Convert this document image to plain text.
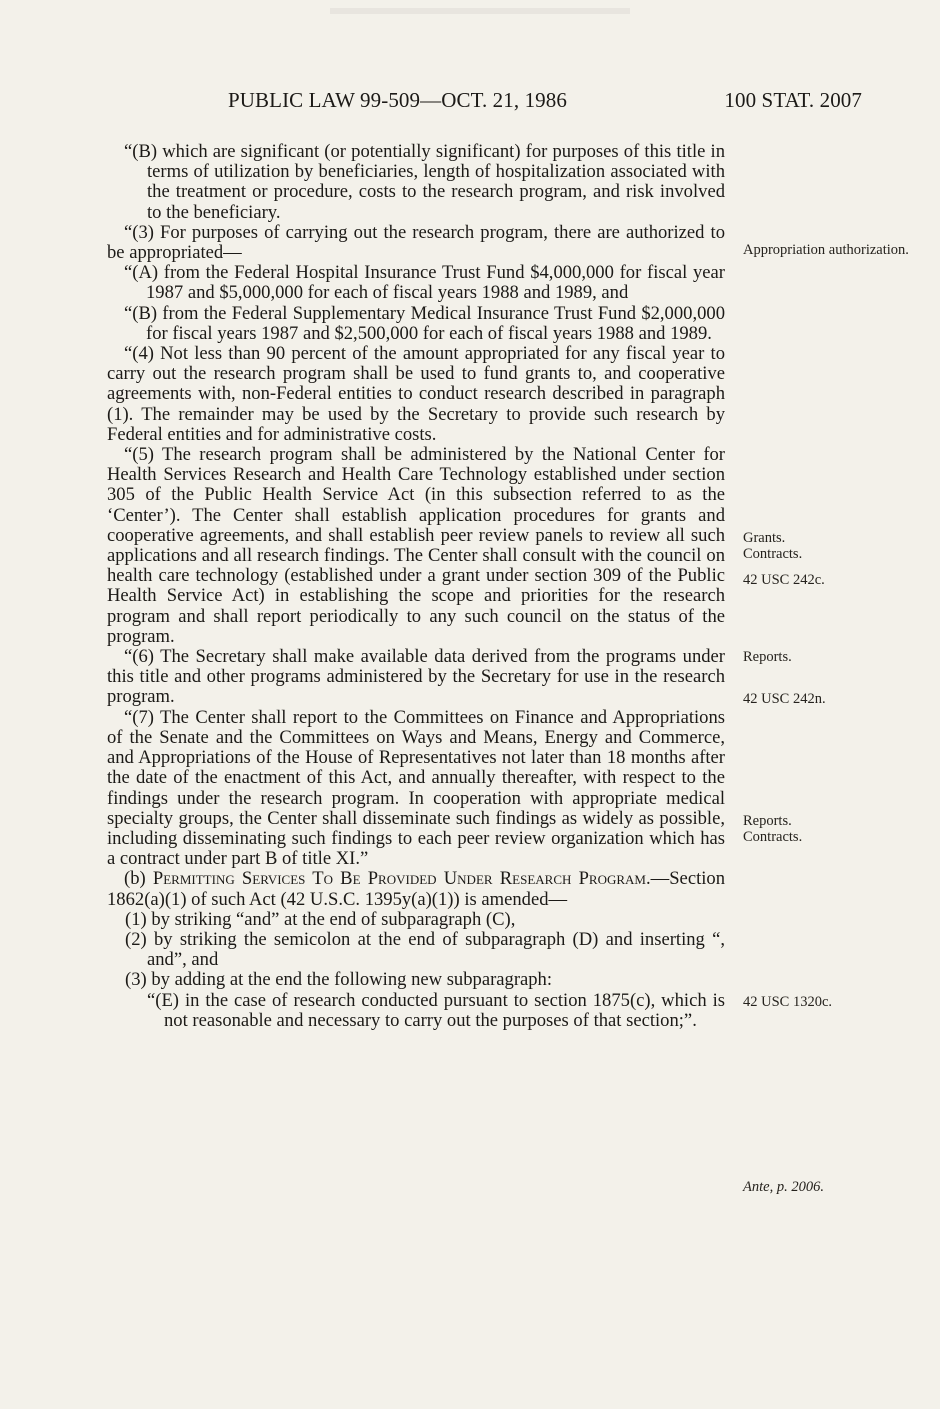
PUBLIC LAW 99-509—OCT. 21, 1986	100 STAT. 2007

“(B) which are significant (or potentially significant) for purposes of this title in terms of utilization by beneficiaries, length of hospitalization associated with the treatment or procedure, costs to the research program, and risk involved to the beneficiary.

“(3) For purposes of carrying out the research program, there are authorized to be appropriated—

“(A) from the Federal Hospital Insurance Trust Fund $4,000,000 for fiscal year 1987 and $5,000,000 for each of fiscal years 1988 and 1989, and

“(B) from the Federal Supplementary Medical Insurance Trust Fund $2,000,000 for fiscal years 1987 and $2,500,000 for each of fiscal years 1988 and 1989.

“(4) Not less than 90 percent of the amount appropriated for any fiscal year to carry out the research program shall be used to fund grants to, and cooperative agreements with, non-Federal entities to conduct research described in paragraph (1). The remainder may be used by the Secretary to provide such research by Federal entities and for administrative costs.

“(5) The research program shall be administered by the National Center for Health Services Research and Health Care Technology established under section 305 of the Public Health Service Act (in this subsection referred to as the ‘Center’). The Center shall establish application procedures for grants and cooperative agreements, and shall establish peer review panels to review all such applications and all research findings. The Center shall consult with the council on health care technology (established under a grant under section 309 of the Public Health Service Act) in establishing the scope and priorities for the research program and shall report periodically to any such council on the status of the program.

“(6) The Secretary shall make available data derived from the programs under this title and other programs administered by the Secretary for use in the research program.

“(7) The Center shall report to the Committees on Finance and Appropriations of the Senate and the Committees on Ways and Means, Energy and Commerce, and Appropriations of the House of Representatives not later than 18 months after the date of the enactment of this Act, and annually thereafter, with respect to the findings under the research program. In cooperation with appropriate medical specialty groups, the Center shall disseminate such findings as widely as possible, including disseminating such findings to each peer review organization which has a contract under part B of title XI.”

(b) Permitting Services To Be Provided Under Research Program.—Section 1862(a)(1) of such Act (42 U.S.C. 1395y(a)(1)) is amended—

(1) by striking “and” at the end of subparagraph (C),

(2) by striking the semicolon at the end of subparagraph (D) and inserting “, and”, and

(3) by adding at the end the following new subparagraph:

“(E) in the case of research conducted pursuant to section 1875(c), which is not reasonable and necessary to carry out the purposes of that section;”.

Appropriation authorization.
Grants.
Contracts.
42 USC 242c.
Reports.
42 USC 242n.
Reports.
Contracts.
42 USC 1320c.
Ante, p. 2006.
